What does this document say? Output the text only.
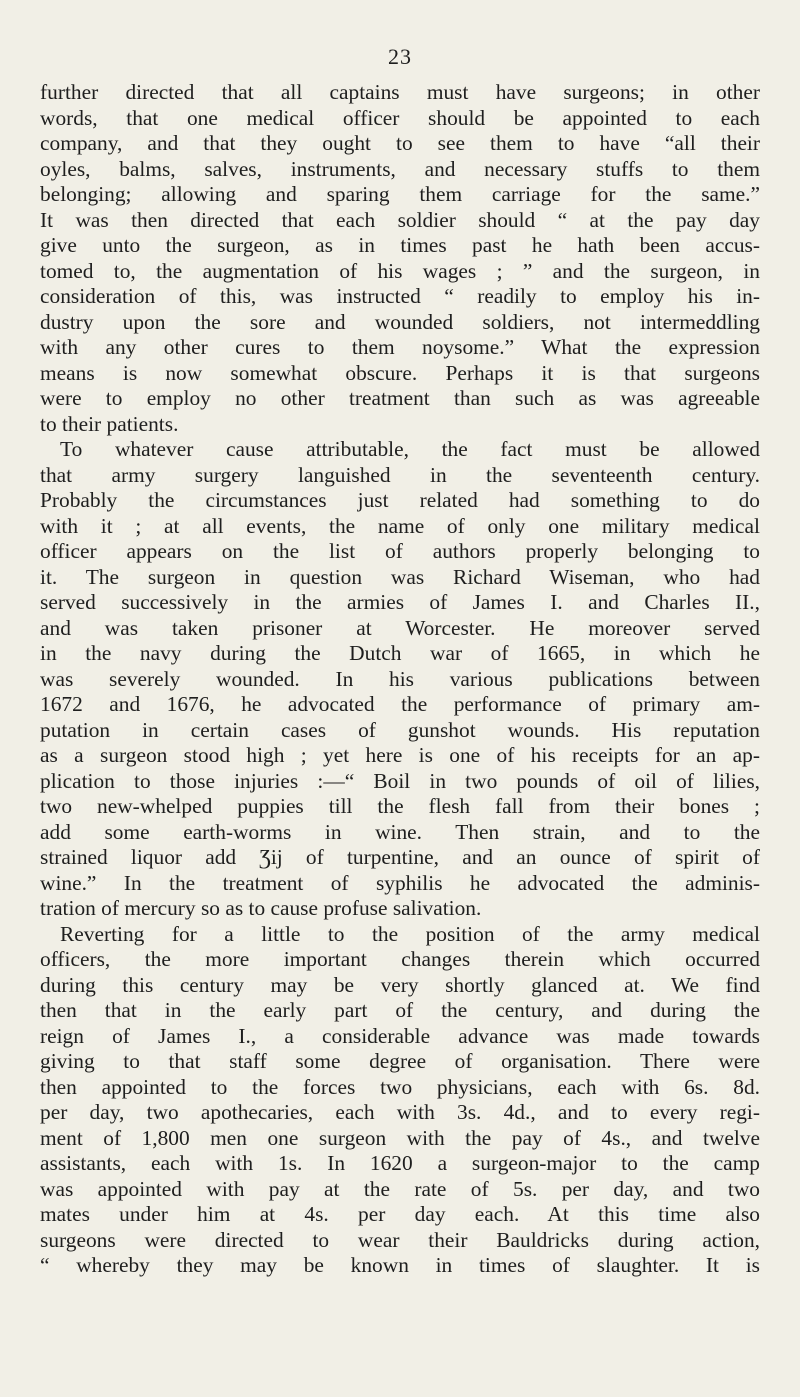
23
further directed that all captains must have surgeons; in other
words, that one medical officer should be appointed to each
company, and that they ought to see them to have “all their
oyles, balms, salves, instruments, and necessary stuffs to them
belonging; allowing and sparing them carriage for the same.”
It was then directed that each soldier should “ at the pay day
give unto the surgeon, as in times past he hath been accus-
tomed to, the augmentation of his wages ; ” and the surgeon, in
consideration of this, was instructed “ readily to employ his in-
dustry upon the sore and wounded soldiers, not intermeddling
with any other cures to them noysome.” What the expression
means is now somewhat obscure. Perhaps it is that surgeons
were to employ no other treatment than such as was agreeable
to their patients.
To whatever cause attributable, the fact must be allowed
that army surgery languished in the seventeenth century.
Probably the circumstances just related had something to do
with it ; at all events, the name of only one military medical
officer appears on the list of authors properly belonging to
it. The surgeon in question was Richard Wiseman, who had
served successively in the armies of James I. and Charles II.,
and was taken prisoner at Worcester. He moreover served
in the navy during the Dutch war of 1665, in which he
was severely wounded. In his various publications between
1672 and 1676, he advocated the performance of primary am-
putation in certain cases of gunshot wounds. His reputation
as a surgeon stood high ; yet here is one of his receipts for an ap-
plication to those injuries :—“ Boil in two pounds of oil of lilies,
two new-whelped puppies till the flesh fall from their bones ;
add some earth-worms in wine. Then strain, and to the
strained liquor add Ʒij of turpentine, and an ounce of spirit of
wine.” In the treatment of syphilis he advocated the adminis-
tration of mercury so as to cause profuse salivation.
Reverting for a little to the position of the army medical
officers, the more important changes therein which occurred
during this century may be very shortly glanced at. We find
then that in the early part of the century, and during the
reign of James I., a considerable advance was made towards
giving to that staff some degree of organisation. There were
then appointed to the forces two physicians, each with 6s. 8d.
per day, two apothecaries, each with 3s. 4d., and to every regi-
ment of 1,800 men one surgeon with the pay of 4s., and twelve
assistants, each with 1s. In 1620 a surgeon-major to the camp
was appointed with pay at the rate of 5s. per day, and two
mates under him at 4s. per day each. At this time also
surgeons were directed to wear their Bauldricks during action,
“ whereby they may be known in times of slaughter. It is
